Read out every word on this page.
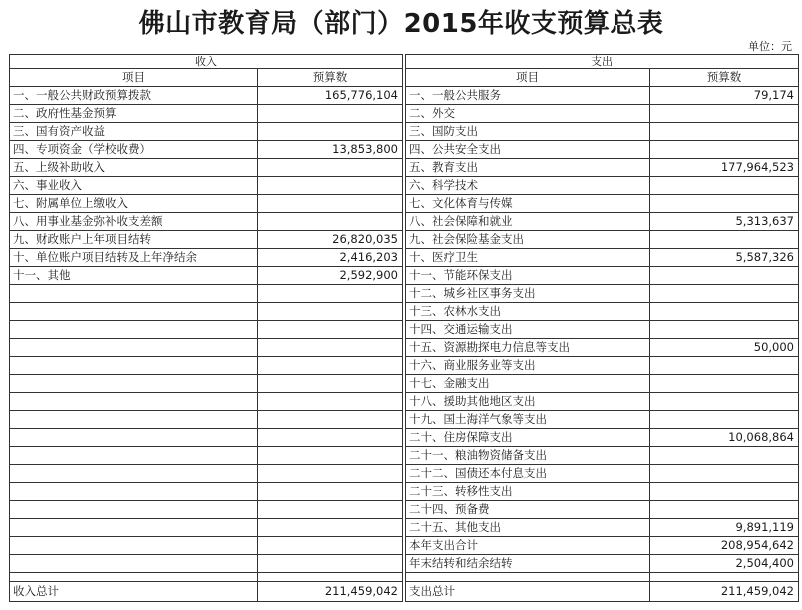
佛山市教育局（部门）2015年收支预算总表
单位：元
收入
项目	预算数
一、一般公共财政预算拨款	165,776,104
二、政府性基金预算
三、国有资产收益
四、专项资金（学校收费）	13,853,800
五、上级补助收入
六、事业收入
七、附属单位上缴收入
八、用事业基金弥补收支差额
九、财政账户上年项目结转	26,820,035
十、单位账户项目结转及上年净结余	2,416,203
十一、其他	2,592,900
收入总计	211,459,042
支出
项目	预算数
一、一般公共服务	79,174
二、外交
三、国防支出
四、公共安全支出
五、教育支出	177,964,523
六、科学技术
七、文化体育与传媒
八、社会保障和就业	5,313,637
九、社会保险基金支出
十、医疗卫生	5,587,326
十一、节能环保支出
十二、城乡社区事务支出
十三、农林水支出
十四、交通运输支出
十五、资源勘探电力信息等支出	50,000
十六、商业服务业等支出
十七、金融支出
十八、援助其他地区支出
十九、国土海洋气象等支出
二十、住房保障支出	10,068,864
二十一、粮油物资储备支出
二十二、国债还本付息支出
二十三、转移性支出
二十四、预备费
二十五、其他支出	9,891,119
本年支出合计	208,954,642
年末结转和结余结转	2,504,400
支出总计	211,459,042
